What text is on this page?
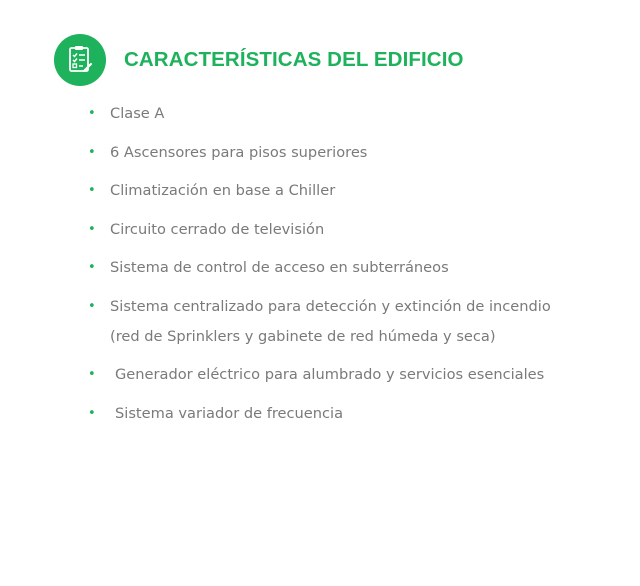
CARACTERÍSTICAS DEL EDIFICIO
• Clase A
• 6 Ascensores para pisos superiores
• Climatización en base a Chiller
• Circuito cerrado de televisión
• Sistema de control de acceso en subterráneos
• Sistema centralizado para detección y extinción de incendio
(red de Sprinklers y gabinete de red húmeda y seca)
• Generador eléctrico para alumbrado y servicios esenciales
• Sistema variador de frecuencia
